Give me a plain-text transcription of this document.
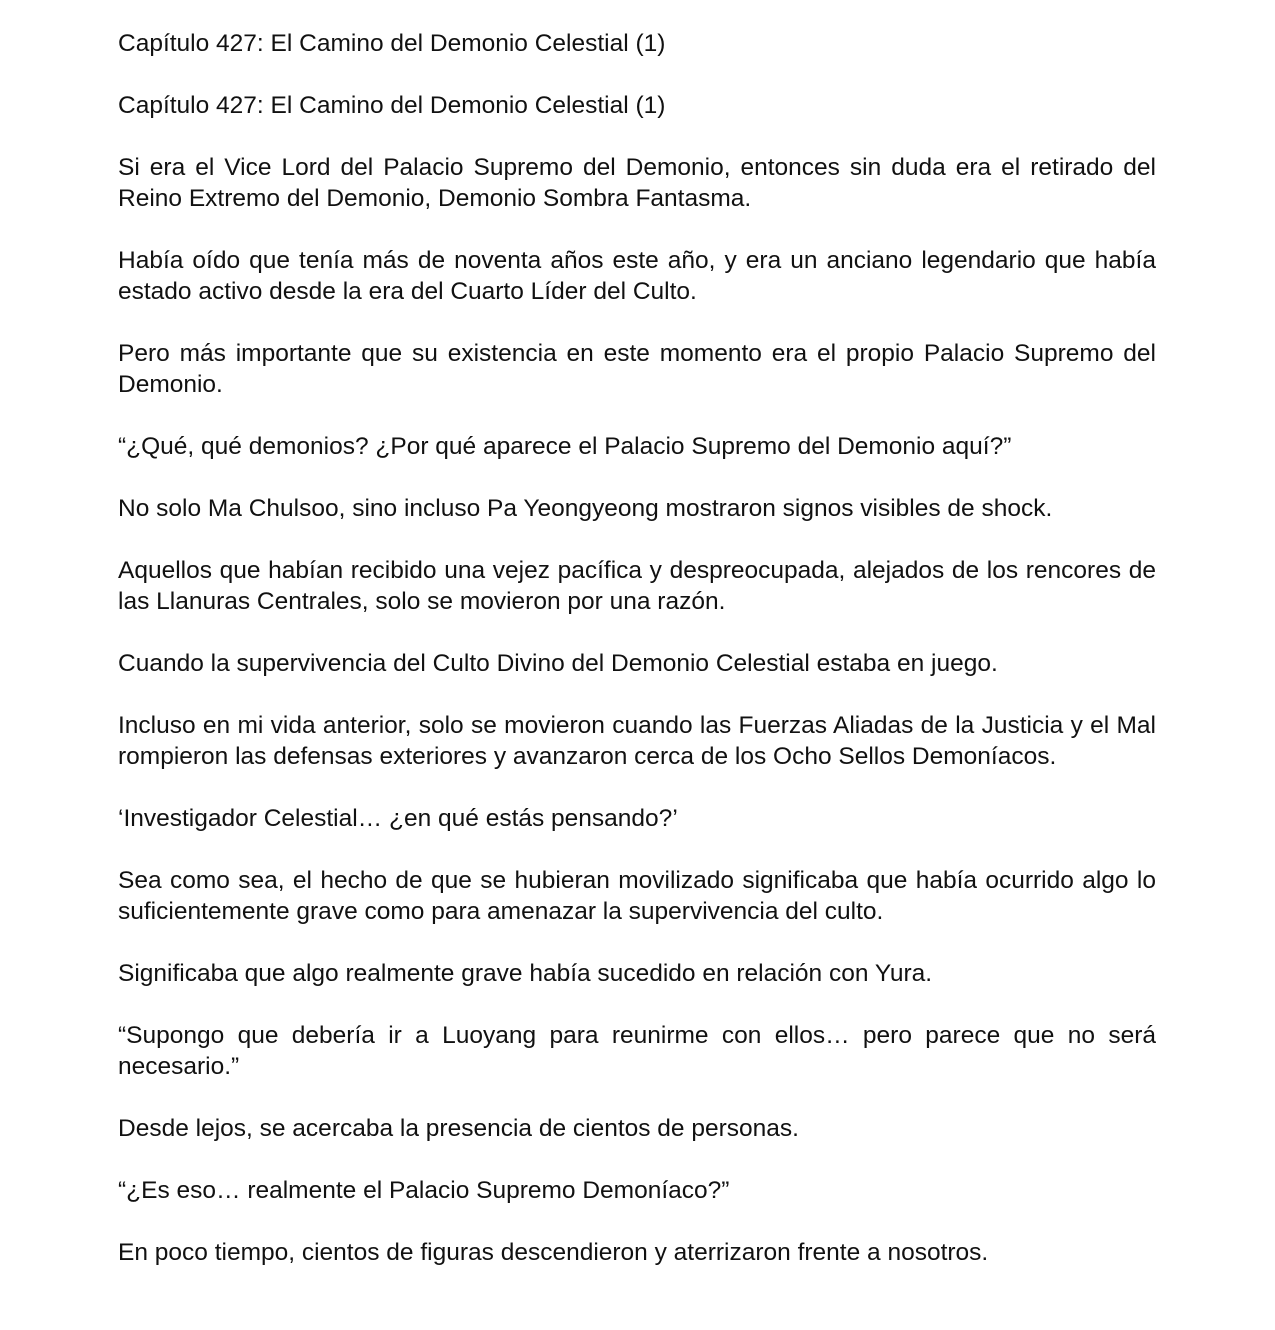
Capítulo 427: El Camino del Demonio Celestial (1)

Capítulo 427: El Camino del Demonio Celestial (1)

Si era el Vice Lord del Palacio Supremo del Demonio, entonces sin duda era el retirado del Reino Extremo del Demonio, Demonio Sombra Fantasma.

Había oído que tenía más de noventa años este año, y era un anciano legendario que había estado activo desde la era del Cuarto Líder del Culto.

Pero más importante que su existencia en este momento era el propio Palacio Supremo del Demonio.

“¿Qué, qué demonios? ¿Por qué aparece el Palacio Supremo del Demonio aquí?”

No solo Ma Chulsoo, sino incluso Pa Yeongyeong mostraron signos visibles de shock.

Aquellos que habían recibido una vejez pacífica y despreocupada, alejados de los rencores de las Llanuras Centrales, solo se movieron por una razón.

Cuando la supervivencia del Culto Divino del Demonio Celestial estaba en juego.

Incluso en mi vida anterior, solo se movieron cuando las Fuerzas Aliadas de la Justicia y el Mal rompieron las defensas exteriores y avanzaron cerca de los Ocho Sellos Demoníacos.

‘Investigador Celestial… ¿en qué estás pensando?’

Sea como sea, el hecho de que se hubieran movilizado significaba que había ocurrido algo lo suficientemente grave como para amenazar la supervivencia del culto.

Significaba que algo realmente grave había sucedido en relación con Yura.

“Supongo que debería ir a Luoyang para reunirme con ellos… pero parece que no será necesario.”

Desde lejos, se acercaba la presencia de cientos de personas.

“¿Es eso… realmente el Palacio Supremo Demoníaco?”

En poco tiempo, cientos de figuras descendieron y aterrizaron frente a nosotros.
